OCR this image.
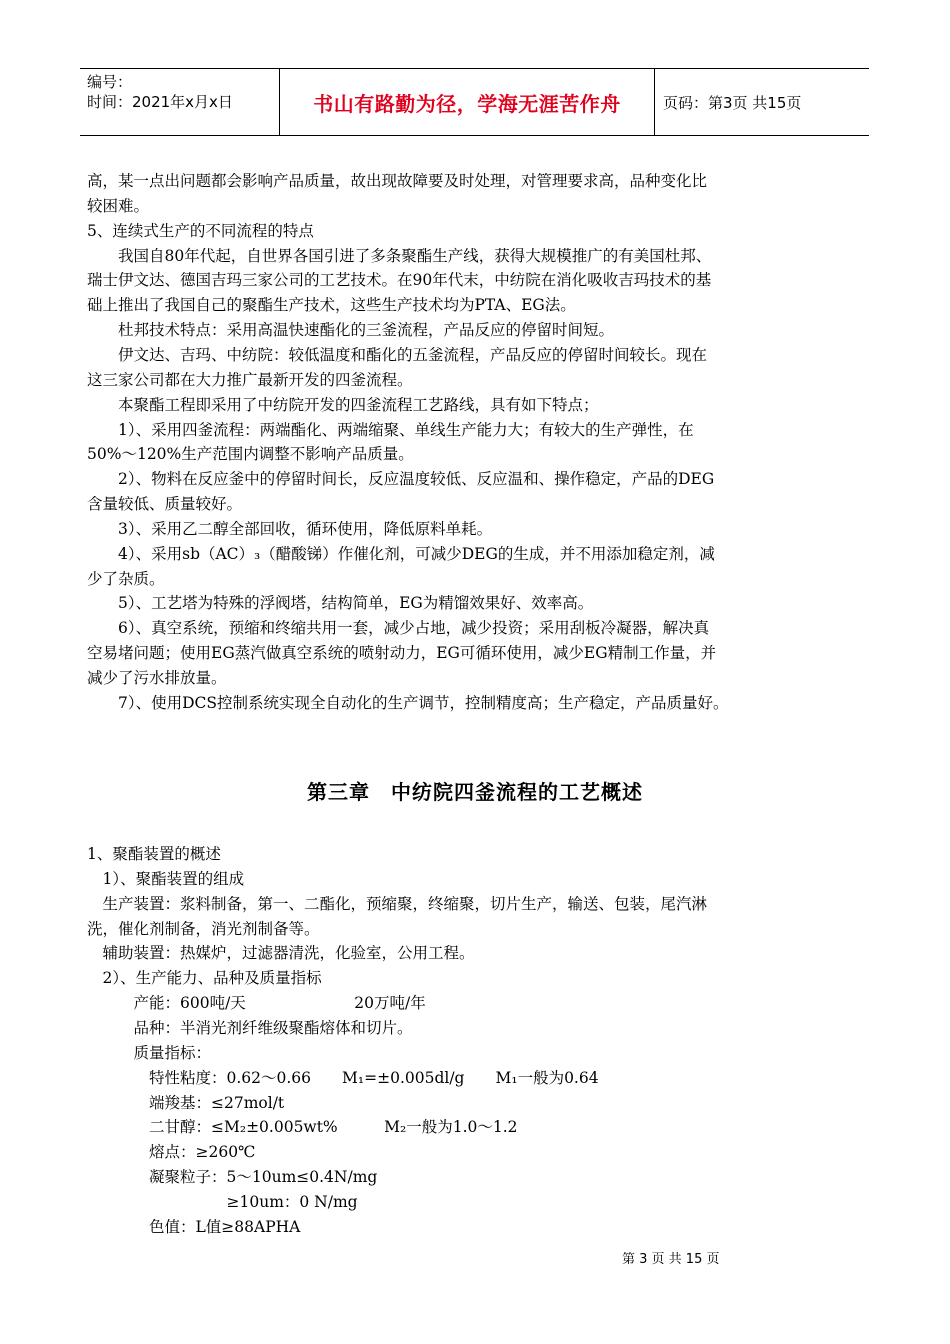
编号：
时间：2021年x月x日	书山有路勤为径，学海无涯苦作舟	页码：第3页 共15页
高，某一点出问题都会影响产品质量，故出现故障要及时处理，对管理要求高，品种变化比
较困难。
5、连续式生产的不同流程的特点
　　我国自80年代起，自世界各国引进了多条聚酯生产线，获得大规模推广的有美国杜邦、
瑞士伊文达、德国吉玛三家公司的工艺技术。在90年代末，中纺院在消化吸收吉玛技术的基
础上推出了我国自己的聚酯生产技术，这些生产技术均为PTA、EG法。
　　杜邦技术特点：采用高温快速酯化的三釜流程，产品反应的停留时间短。
　　伊文达、吉玛、中纺院：较低温度和酯化的五釜流程，产品反应的停留时间较长。现在
这三家公司都在大力推广最新开发的四釜流程。
　　本聚酯工程即采用了中纺院开发的四釜流程工艺路线，具有如下特点；
　　1）、采用四釜流程：两端酯化、两端缩聚、单线生产能力大；有较大的生产弹性，在
50%～120%生产范围内调整不影响产品质量。
　　2）、物料在反应釜中的停留时间长，反应温度较低、反应温和、操作稳定，产品的DEG
含量较低、质量较好。
　　3）、采用乙二醇全部回收，循环使用，降低原料单耗。
　　4）、采用sb（AC）₃（醋酸锑）作催化剂，可减少DEG的生成，并不用添加稳定剂，减
少了杂质。
　　5）、工艺塔为特殊的浮阀塔，结构简单，EG为精馏效果好、效率高。
　　6）、真空系统，预缩和终缩共用一套，减少占地，减少投资；采用刮板冷凝器，解决真
空易堵问题；使用EG蒸汽做真空系统的喷射动力，EG可循环使用，减少EG精制工作量，并
减少了污水排放量。
　　7）、使用DCS控制系统实现全自动化的生产调节，控制精度高；生产稳定，产品质量好。
第三章　中纺院四釜流程的工艺概述
1、聚酯装置的概述
　1）、聚酯装置的组成
　生产装置：浆料制备，第一、二酯化，预缩聚，终缩聚，切片生产，输送、包装，尾汽淋
洗，催化剂制备，消光剂制备等。
　辅助装置：热媒炉，过滤器清洗，化验室，公用工程。
　2）、生产能力、品种及质量指标
　　　产能：600吨/天　　　　　　　20万吨/年
　　　品种：半消光剂纤维级聚酯熔体和切片。
　　　质量指标：
　　　　特性粘度：0.62～0.66　　M₁=±0.005dl/g　　M₁一般为0.64
　　　　端羧基：≤27mol/t
　　　　二甘醇：≤M₂±0.005wt%　　　M₂一般为1.0～1.2
　　　　熔点：≥260℃
　　　　凝聚粒子：5～10um≤0.4N/mg
　　　　　　　　　≥10um：0 N/mg
　　　　色值：L值≥88APHA
第 3 页 共 15 页
